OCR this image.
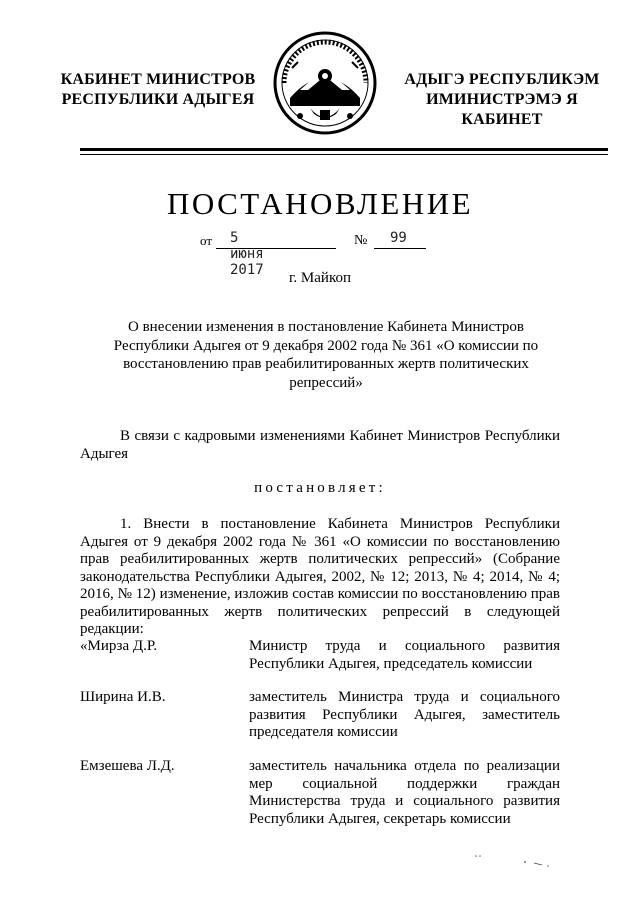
КАБИНЕТ МИНИСТРОВ
РЕСПУБЛИКИ АДЫГЕЯ
АДЫГЭ РЕСПУБЛИКЭМ
ИМИНИСТРЭМЭ Я КАБИНЕТ
ПОСТАНОВЛЕНИЕ
от 5 июня 2017
№ 99
г. Майкоп
О внесении изменения в постановление Кабинета Министров Республики Адыгея от 9 декабря 2002 года № 361 «О комиссии по восстановлению прав реабилитированных жертв политических репрессий»
В связи с кадровыми изменениями Кабинет Министров Республики Адыгея
постановляет:
1. Внести в постановление Кабинета Министров Республики Адыгея от 9 декабря 2002 года № 361 «О комиссии по восстановлению прав реабилитированных жертв политических репрессий» (Собрание законодательства Республики Адыгея, 2002, № 12; 2013, № 4; 2014, № 4; 2016, № 12) изменение, изложив состав комиссии по восстановлению прав реабилитированных жертв политических репрессий в следующей редакции:
«Мирза Д.Р.	Министр труда и социального развития Республики Адыгея, председатель комиссии
Ширина И.В.	заместитель Министра труда и социального развития Республики Адыгея, заместитель председателя комиссии
Емзешева Л.Д.	заместитель начальника отдела по реализации мер социальной поддержки граждан Министерства труда и социального развития Республики Адыгея, секретарь комиссии
